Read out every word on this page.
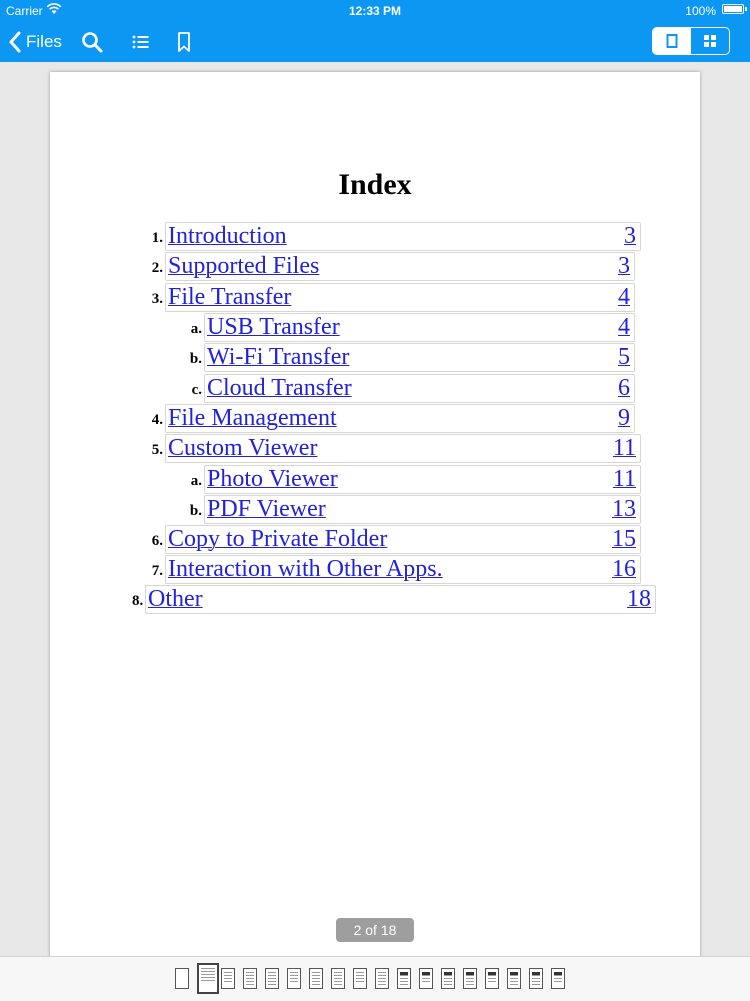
Carrier	12:33 PM	100%
Files
Index
1. Introduction	3
2. Supported Files	3
3. File Transfer	4
a. USB Transfer	4
b. Wi-Fi Transfer	5
c. Cloud Transfer	6
4. File Management	9
5. Custom Viewer	11
a. Photo Viewer	11
b. PDF Viewer	13
6. Copy to Private Folder	15
7. Interaction with Other Apps.	16
8. Other	18
2 of 18
